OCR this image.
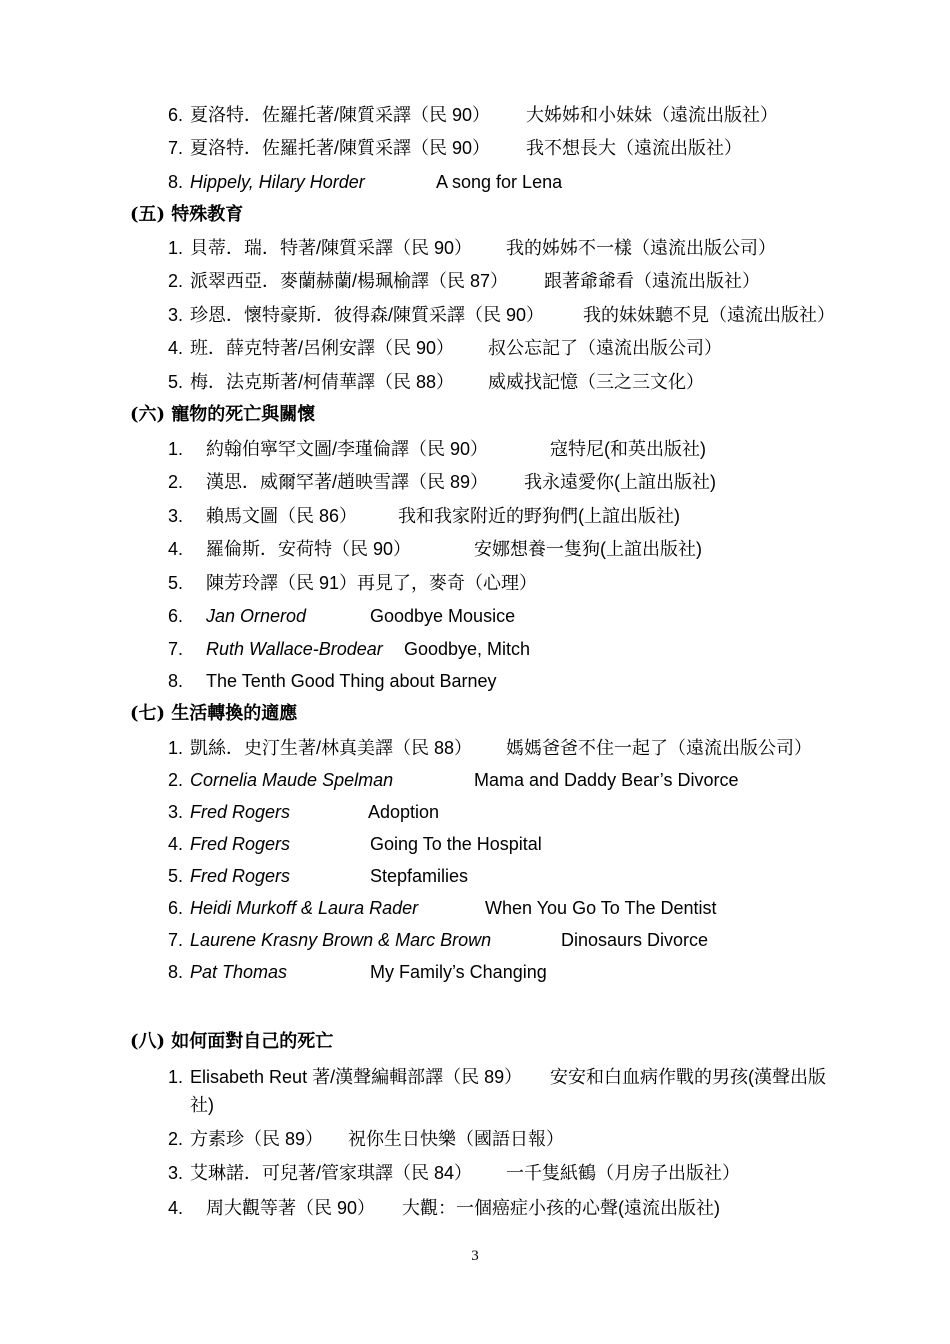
6. 夏洛特．佐羅托著/陳質采譯（民 90） 大姊姊和小妹妹（遠流出版社）
7. 夏洛特．佐羅托著/陳質采譯（民 90） 我不想長大（遠流出版社）
8. Hippely, Hilary Horder	A song for Lena
(五) 特殊教育
1. 貝蒂．瑞．特著/陳質采譯（民 90） 我的姊姊不一樣（遠流出版公司）
2. 派翠西亞．麥蘭赫蘭/楊珮榆譯（民 87） 跟著爺爺看（遠流出版社）
3. 珍恩．懷特豪斯．彼得森/陳質采譯（民 90） 我的妹妹聽不見（遠流出版社）
4. 班．薛克特著/呂俐安譯（民 90） 叔公忘記了（遠流出版公司）
5. 梅．法克斯著/柯倩華譯（民 88） 威威找記憶（三之三文化）
(六) 寵物的死亡與關懷
1. 約翰伯寧罕文圖/李瑾倫譯（民 90）	寇特尼(和英出版社)
2. 漢思．威爾罕著/趙映雪譯（民 89） 我永遠愛你(上誼出版社)
3. 賴馬文圖（民 86） 我和我家附近的野狗們(上誼出版社)
4. 羅倫斯．安荷特（民 90）	安娜想養一隻狗(上誼出版社)
5. 陳芳玲譯（民 91）再見了，麥奇（心理）
6. Jan Ornerod	Goodbye Mousice
7. Ruth Wallace-Brodear Goodbye, Mitch
8. The Tenth Good Thing about Barney
(七) 生活轉換的適應
1. 凱絲．史汀生著/林真美譯（民 88） 媽媽爸爸不住一起了（遠流出版公司）
2. Cornelia Maude Spelman	Mama and Daddy Bear’s Divorce
3. Fred Rogers	Adoption
4. Fred Rogers	Going To the Hospital
5. Fred Rogers	Stepfamilies
6. Heidi Murkoff & Laura Rader	When You Go To The Dentist
7. Laurene Krasny Brown & Marc Brown	Dinosaurs Divorce
8. Pat Thomas	My Family’s Changing
(八) 如何面對自己的死亡
1. Elisabeth Reut 著/漢聲編輯部譯（民 89） 安安和白血病作戰的男孩(漢聲出版
社)
2. 方素珍（民 89） 祝你生日快樂（國語日報）
3. 艾琳諾．可兒著/管家琪譯（民 84） 一千隻紙鶴（月房子出版社）
4. 周大觀等著（民 90） 大觀：一個癌症小孩的心聲(遠流出版社)
3
